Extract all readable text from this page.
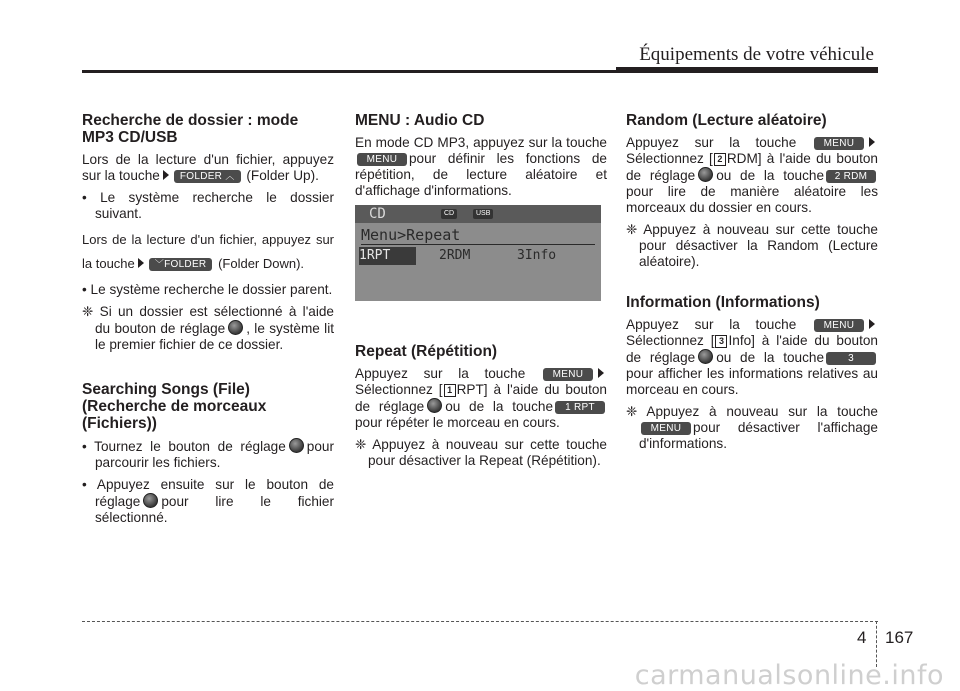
Équipements de votre véhicule
Recherche de dossier : mode MP3 CD/USB

Lors de la lecture d'un fichier, appuyez sur la touche FOLDER ︿ (Folder Up).

• Le système recherche le dossier suivant.

Lors de la lecture d'un fichier, appuyez sur la touche ﹀FOLDER (Folder Down).

• Le système recherche le dossier parent.
❈ Si un dossier est sélectionné à l'aide du bouton de réglage , le système lit le premier fichier de ce dossier.
Searching Songs (File) (Recherche de morceaux (Fichiers))
• Tournez le bouton de réglage pour parcourir les fichiers.
• Appuyez ensuite sur le bouton de réglage pour lire le fichier sélectionné.
MENU : Audio CD

En mode CD MP3, appuyez sur la toucheMENU pour définir les fonctions de répétition, de lecture aléatoire et d'affichage d'informations.

CD	CD	USB
Menu>Repeat
1RPT	2RDM	3Info
Repeat (Répétition)

Appuyez sur la touche	MENU Sélectionnez [ 1 RPT] à l'aide du bouton de réglage ou de la touche 1 RPT pour répéter le morceau en cours.

❈ Appuyez à nouveau sur cette touche pour désactiver la Repeat (Répétition).
Random (Lecture aléatoire)

Appuyez sur la touche	MENU Sélectionnez [ 2 RDM] à l'aide du bouton de réglage ou de la touche 2 RDM pour lire de manière aléatoire les morceaux du dossier en cours.

❈ Appuyez à nouveau sur cette touche pour désactiver la Random (Lecture aléatoire).
Information (Informations)

Appuyez sur la touche	MENU Sélectionnez [ 3 Info] à l'aide du bouton de réglage ou de la touche 3 pour afficher les informations relatives au morceau en cours.

❈ Appuyez à nouveau sur la toucheMENU pour désactiver l'affichage d'informations.
4 167
carmanualsonline.info
